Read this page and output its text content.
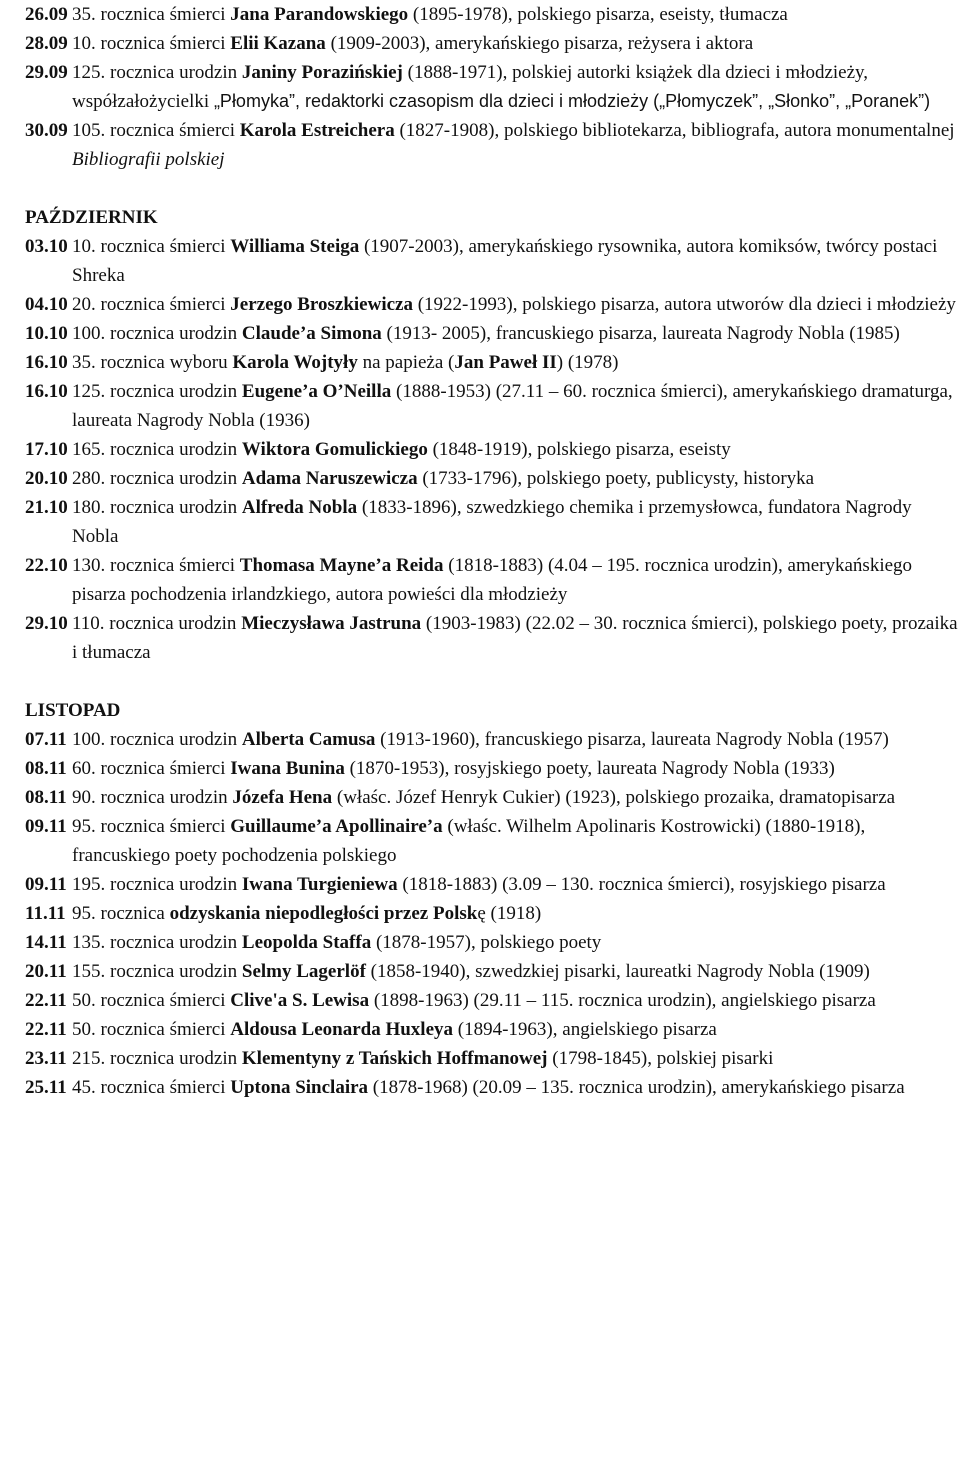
26.09 35. rocznica śmierci Jana Parandowskiego (1895-1978), polskiego pisarza, eseisty, tłumacza
28.09 10. rocznica śmierci Elii Kazana (1909-2003), amerykańskiego pisarza, reżysera i aktora
29.09 125. rocznica urodzin Janiny Porazińskiej (1888-1971), polskiej autorki książek dla dzieci i młodzieży, współzałożycielki „Płomyka”, redaktorki czasopism dla dzieci i młodzieży („Płomyczek”, „Słonko”, „Poranek”)
30.09 105. rocznica śmierci Karola Estreichera (1827-1908), polskiego bibliotekarza, bibliografa, autora monumentalnej Bibliografii polskiej
PAŹDZIERNIK
03.10 10. rocznica śmierci Williama Steiga (1907-2003), amerykańskiego rysownika, autora komiksów, twórcy postaci Shreka
04.10 20. rocznica śmierci Jerzego Broszkiewicza (1922-1993), polskiego pisarza, autora utworów dla dzieci i młodzieży
10.10 100. rocznica urodzin Claude’a Simona (1913- 2005), francuskiego pisarza, laureata Nagrody Nobla (1985)
16.10 35. rocznica wyboru Karola Wojtyły na papieża (Jan Paweł II) (1978)
16.10 125. rocznica urodzin Eugene’a O’Neilla (1888-1953) (27.11 – 60. rocznica śmierci), amerykańskiego dramaturga, laureata Nagrody Nobla (1936)
17.10 165. rocznica urodzin Wiktora Gomulickiego (1848-1919), polskiego pisarza, eseisty
20.10 280. rocznica urodzin Adama Naruszewicza (1733-1796), polskiego poety, publicysty, historyka
21.10 180. rocznica urodzin Alfreda Nobla (1833-1896), szwedzkiego chemika i przemysłowca, fundatora Nagrody Nobla
22.10 130. rocznica śmierci Thomasa Mayne’a Reida (1818-1883) (4.04 – 195. rocznica urodzin), amerykańskiego pisarza pochodzenia irlandzkiego, autora powieści dla młodzieży
29.10 110. rocznica urodzin Mieczysława Jastruna (1903-1983) (22.02 – 30. rocznica śmierci), polskiego poety, prozaika i tłumacza
LISTOPAD
07.11 100. rocznica urodzin Alberta Camusa (1913-1960), francuskiego pisarza, laureata Nagrody Nobla (1957)
08.11 60. rocznica śmierci Iwana Bunina (1870-1953), rosyjskiego poety, laureata Nagrody Nobla (1933)
08.11 90. rocznica urodzin Józefa Hena (właśc. Józef Henryk Cukier) (1923), polskiego prozaika, dramatopisarza
09.11 95. rocznica śmierci Guillaume’a Apollinaire’a (właśc. Wilhelm Apolinaris Kostrowicki) (1880-1918), francuskiego poety pochodzenia polskiego
09.11 195. rocznica urodzin Iwana Turgieniewa (1818-1883) (3.09 – 130. rocznica śmierci), rosyjskiego pisarza
11.11 95. rocznica odzyskania niepodległości przez Polskę (1918)
14.11 135. rocznica urodzin Leopolda Staffa (1878-1957), polskiego poety
20.11 155. rocznica urodzin Selmy Lagerlöf (1858-1940), szwedzkiej pisarki, laureatki Nagrody Nobla (1909)
22.11 50. rocznica śmierci Clive'a S. Lewisa (1898-1963) (29.11 – 115. rocznica urodzin), angielskiego pisarza
22.11 50. rocznica śmierci Aldousa Leonarda Huxleya (1894-1963), angielskiego pisarza
23.11 215. rocznica urodzin Klementyny z Tańskich Hoffmanowej (1798-1845), polskiej pisarki
25.11 45. rocznica śmierci Uptona Sinclaira (1878-1968) (20.09 – 135. rocznica urodzin), amerykańskiego pisarza
